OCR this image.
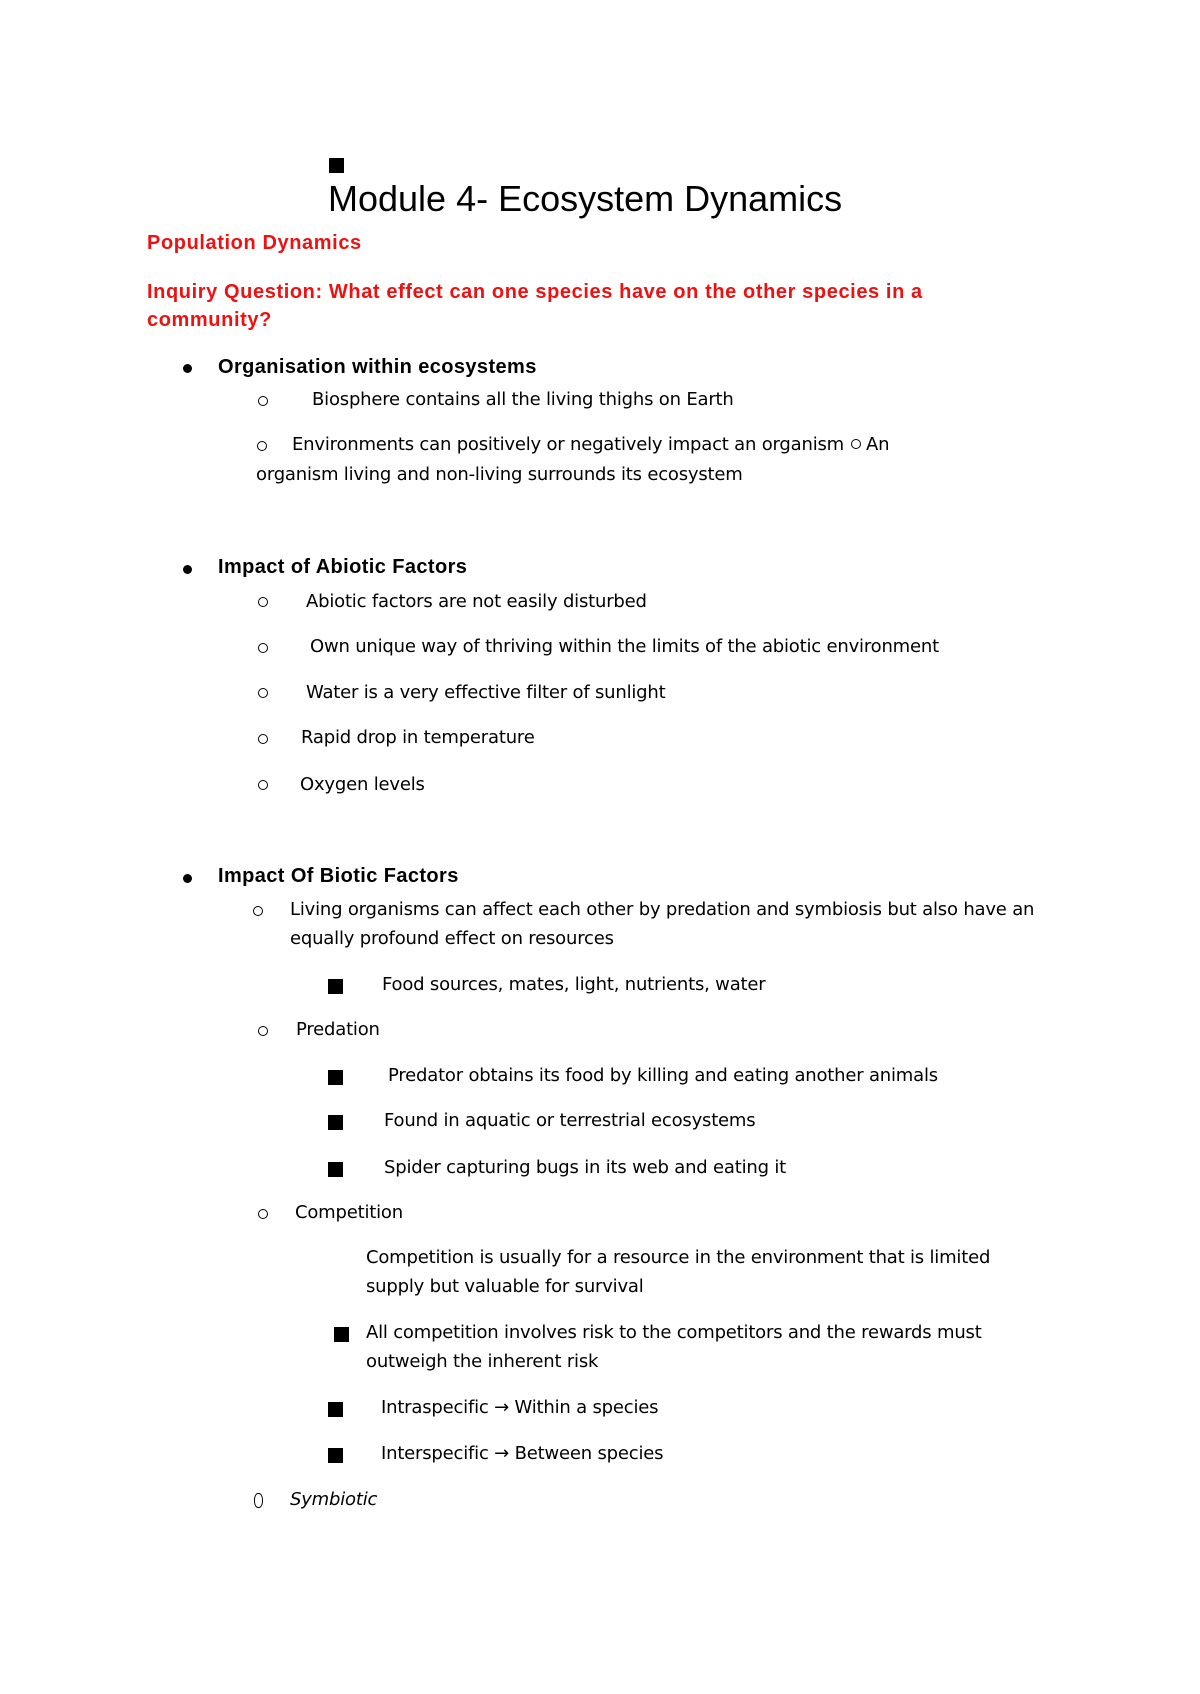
Module 4- Ecosystem Dynamics
Population Dynamics
Inquiry Question: What effect can one species have on the other species in a
community?
Organisation within ecosystems
Biosphere contains all the living thighs on Earth
Environments can positively or negatively impact an organism An
organism living and non-living surrounds its ecosystem
Impact of Abiotic Factors
Abiotic factors are not easily disturbed
Own unique way of thriving within the limits of the abiotic environment
Water is a very effective filter of sunlight
Rapid drop in temperature
Oxygen levels
Impact Of Biotic Factors
Living organisms can affect each other by predation and symbiosis but also have an
equally profound effect on resources
Food sources, mates, light, nutrients, water
Predation
Predator obtains its food by killing and eating another animals
Found in aquatic or terrestrial ecosystems
Spider capturing bugs in its web and eating it
Competition
Competition is usually for a resource in the environment that is limited
supply but valuable for survival
All competition involves risk to the competitors and the rewards must
outweigh the inherent risk
Intraspecific → Within a species
Interspecific → Between species
Symbiotic
